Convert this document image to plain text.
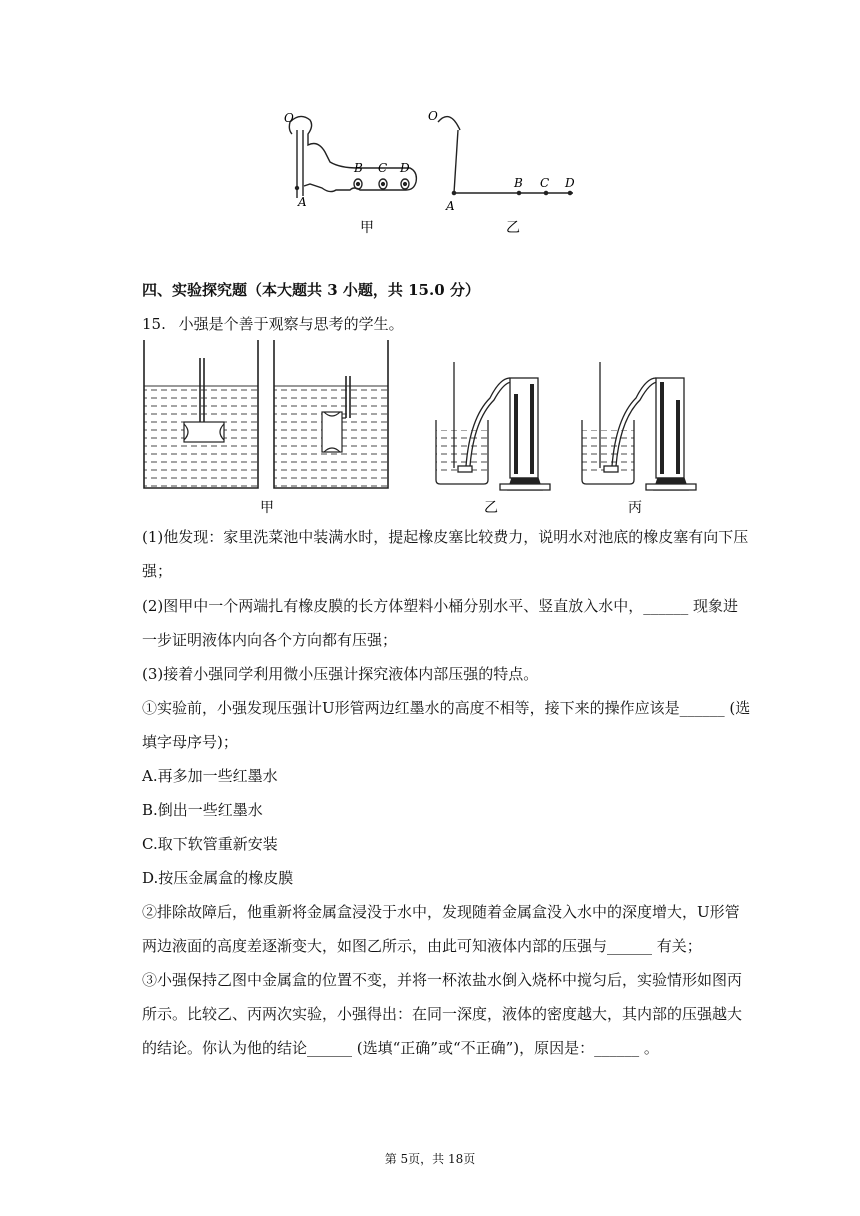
O
A
B C D
甲
O
A
B C D
乙
四、实验探究题（本大题共 3 小题，共 15.0 分）
15. 小强是个善于观察与思考的学生。
甲	乙	丙
(1)他发现：家里洗菜池中装满水时，提起橡皮塞比较费力，说明水对池底的橡皮塞有向下压
强；
(2)图甲中一个两端扎有橡皮膜的长方体塑料小桶分别水平、竖直放入水中，______ 现象进
一步证明液体内向各个方向都有压强；
(3)接着小强同学利用微小压强计探究液体内部压强的特点。
①实验前，小强发现压强计U形管两边红墨水的高度不相等，接下来的操作应该是______ (选
填字母序号)；
A.再多加一些红墨水
B.倒出一些红墨水
C.取下软管重新安装
D.按压金属盒的橡皮膜
②排除故障后，他重新将金属盒浸没于水中，发现随着金属盒没入水中的深度增大，U形管
两边液面的高度差逐渐变大，如图乙所示，由此可知液体内部的压强与______ 有关；
③小强保持乙图中金属盒的位置不变，并将一杯浓盐水倒入烧杯中搅匀后，实验情形如图丙
所示。比较乙、丙两次实验，小强得出：在同一深度，液体的密度越大，其内部的压强越大
的结论。你认为他的结论______ (选填“正确”或“不正确”)，原因是：______ 。
第 5页，共 18页
